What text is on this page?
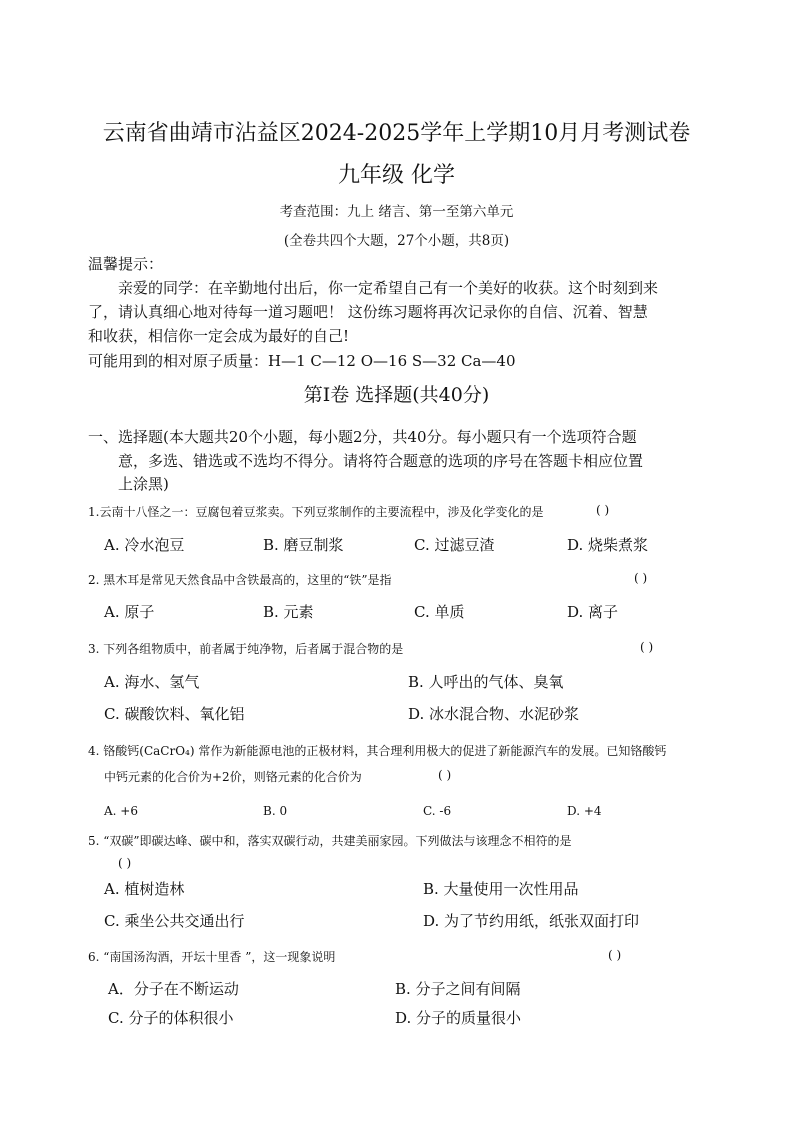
云南省曲靖市沾益区2024-2025学年上学期10月月考测试卷
九年级 化学
考查范围：九上 绪言、第一至第六单元
(全卷共四个大题，27个小题，共8页)
温馨提示：
亲爱的同学：在辛勤地付出后，你一定希望自己有一个美好的收获。这个时刻到来
了，请认真细心地对待每一道习题吧！ 这份练习题将再次记录你的自信、沉着、智慧
和收获，相信你一定会成为最好的自己!
可能用到的相对原子质量：H—1 C—12 O—16 S—32 Ca—40
第Ⅰ卷 选择题(共40分)
一、选择题(本大题共20个小题，每小题2分，共40分。每小题只有一个选项符合题
意，多选、错选或不选均不得分。请将符合题意的选项的序号在答题卡相应位置
上涂黑)
1.云南十八怪之一：豆腐包着豆浆卖。下列豆浆制作的主要流程中，涉及化学变化的是	( )
A. 冷水泡豆	B. 磨豆制浆	C. 过滤豆渣	D. 烧柴煮浆
2. 黑木耳是常见天然食品中含铁最高的，这里的“铁”是指	( )
A. 原子	B. 元素	C. 单质	D. 离子
3. 下列各组物质中，前者属于纯净物，后者属于混合物的是	( )
A. 海水、氢气	B. 人呼出的气体、臭氧
C. 碳酸饮料、氧化铝	D. 冰水混合物、水泥砂浆
4. 铬酸钙(CaCrO₄) 常作为新能源电池的正极材料，其合理利用极大的促进了新能源汽车的发展。已知铬酸钙
中钙元素的化合价为+2价，则铬元素的化合价为	( )
A. +6	B. 0	C. -6	D. +4
5. “双碳”即碳达峰、碳中和，落实双碳行动，共建美丽家园。下列做法与该理念不相符的是
( )
A. 植树造林	B. 大量使用一次性用品
C. 乘坐公共交通出行	D. 为了节约用纸，纸张双面打印
6. “南国汤沟酒，开坛十里香 ”，这一现象说明	( )
A．分子在不断运动	B. 分子之间有间隔
C. 分子的体积很小	D. 分子的质量很小
